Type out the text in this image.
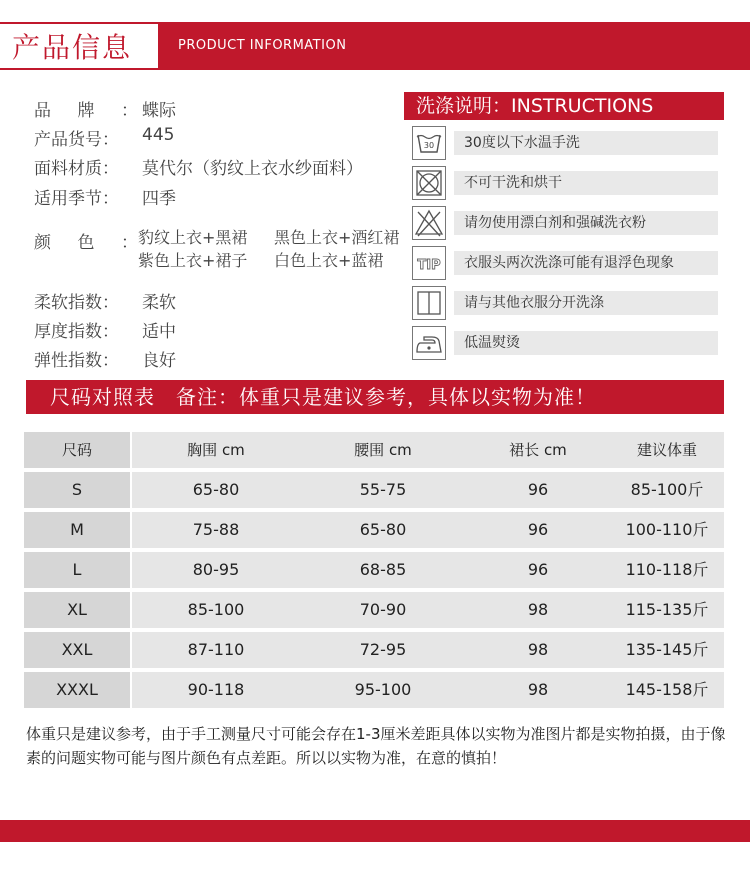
产品信息	PRODUCT INFORMATION
品 牌 ： 蝶际
产品货号： 445
面料材质： 莫代尔（豹纹上衣水纱面料）
适用季节： 四季
颜 色 ： 豹纹上衣+黑裙	黑色上衣+酒红裙
紫色上衣+裙子	白色上衣+蓝裙
柔软指数： 柔软
厚度指数： 适中
弹性指数： 良好
洗涤说明：INSTRUCTIONS
30	30度以下水温手洗
不可干洗和烘干
请勿使用漂白剂和强碱洗衣粉
TIP	衣服头两次洗涤可能有退浮色现象
请与其他衣服分开洗涤
低温熨烫
尺码对照表　备注：体重只是建议参考，具体以实物为准！
尺码	胸围 cm	腰围 cm	裙长 cm	建议体重
S	65-80	55-75	96	85-100斤
M	75-88	65-80	96	100-110斤
L	80-95	68-85	96	110-118斤
XL	85-100	70-90	98	115-135斤
XXL	87-110	72-95	98	135-145斤
XXXL	90-118	95-100	98	145-158斤
体重只是建议参考，由于手工测量尺寸可能会存在1-3厘米差距具体以实物为准图片都是实物拍摄，由于像素的问题实物可能与图片颜色有点差距。所以以实物为准，在意的慎拍！
